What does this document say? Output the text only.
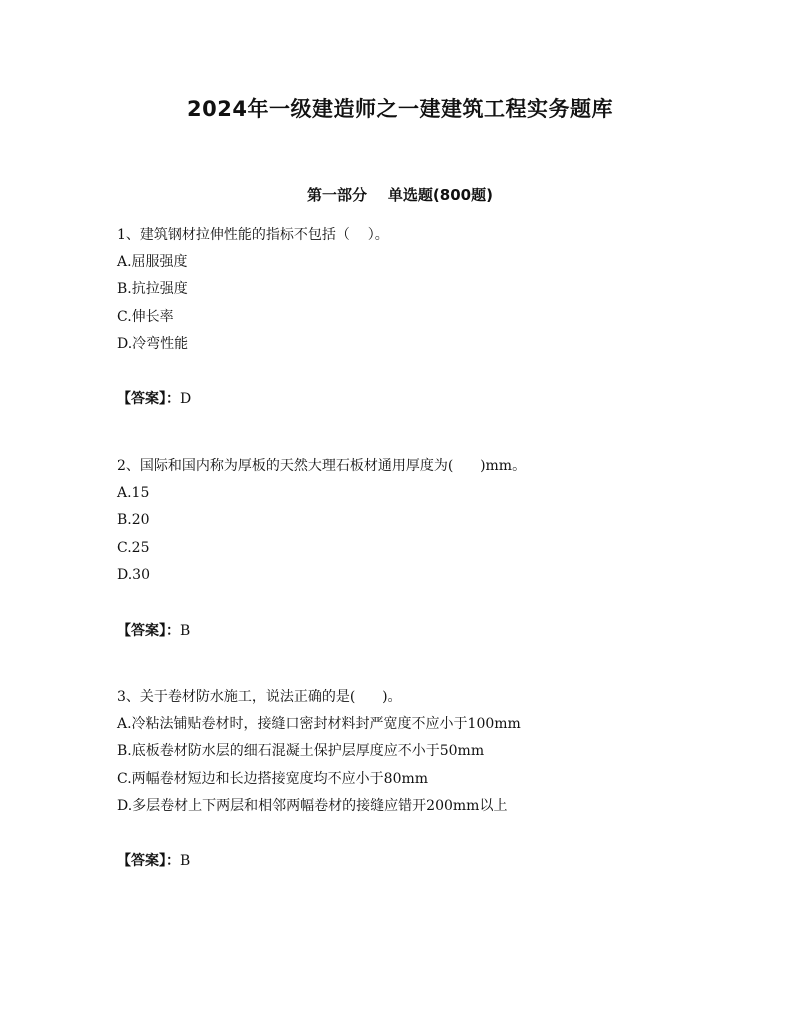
2024年一级建造师之一建建筑工程实务题库
第一部分    单选题(800题)
1、建筑钢材拉伸性能的指标不包括（    ）。
A.屈服强度
B.抗拉强度
C.伸长率
D.冷弯性能
【答案】：D
2、国际和国内称为厚板的天然大理石板材通用厚度为(      )mm。
A.15
B.20
C.25
D.30
【答案】：B
3、关于卷材防水施工，说法正确的是(      )。
A.冷粘法铺贴卷材时，接缝口密封材料封严宽度不应小于100mm
B.底板卷材防水层的细石混凝土保护层厚度应不小于50mm
C.两幅卷材短边和长边搭接宽度均不应小于80mm
D.多层卷材上下两层和相邻两幅卷材的接缝应错开200mm以上
【答案】：B
